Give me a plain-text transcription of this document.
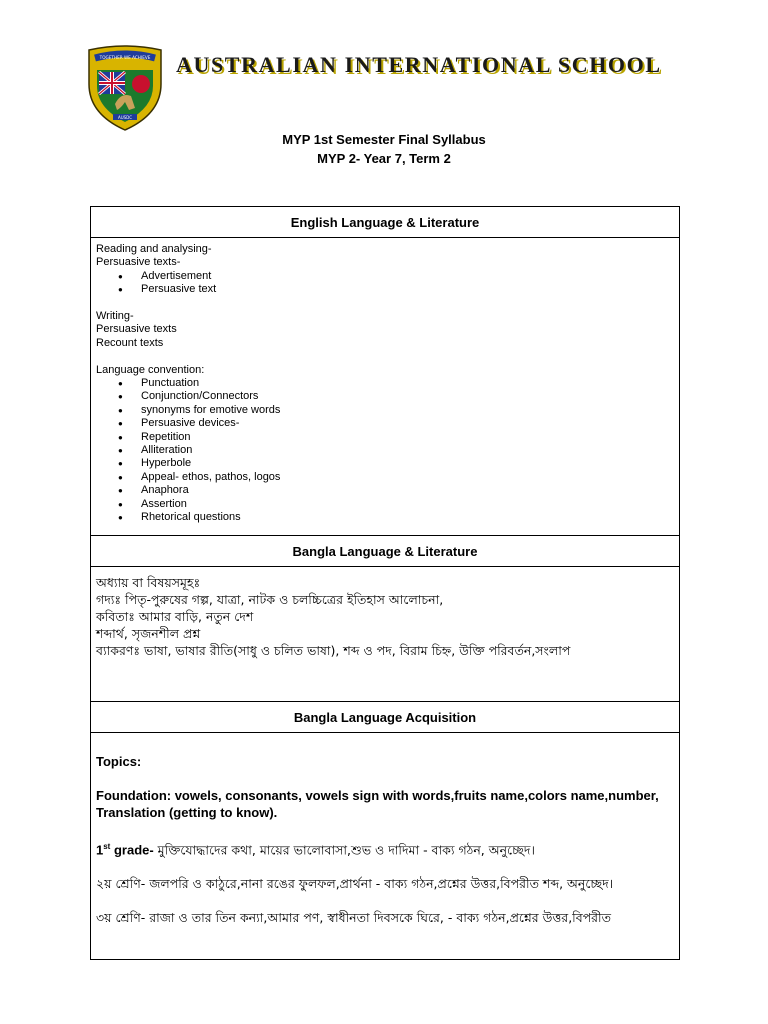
TOGETHER WE ACHIEVE
AUSDC
AUSTRALIAN INTERNATIONAL SCHOOL
MYP 1st Semester Final Syllabus
MYP 2- Year 7, Term 2
English Language & Literature

Reading and analysing-

Persuasive texts-

● Advertisement
● Persuasive text

Writing-

Persuasive texts

Recount texts

Language convention:

● Punctuation
● Conjunction/Connectors
● synonyms for emotive words
● Persuasive devices-
● Repetition
● Alliteration
● Hyperbole
● Appeal- ethos, pathos, logos
● Anaphora
● Assertion
● Rhetorical questions

Bangla Language & Literature

অধ্যায় বা বিষয়সমূহঃ

গদ্যঃ পিতৃ-পুরুষের গল্প, যাত্রা, নাটক ও চলচ্চিত্রের ইতিহাস আলোচনা,

কবিতাঃ আমার বাড়ি, নতুন দেশ

শব্দার্থ, সৃজনশীল প্রশ্ন

ব্যাকরণঃ ভাষা, ভাষার রীতি(সাধু ও চলিত ভাষা), শব্দ ও পদ, বিরাম চিহ্ন, উক্তি পরিবর্তন,সংলাপ

Bangla Language Acquisition

Topics:

Foundation: vowels, consonants, vowels sign with words,fruits name,colors name,number, Translation (getting to know).

1st grade- মুক্তিযোদ্ধাদের কথা, মায়ের ভালোবাসা,শুভ ও দাদিমা - বাক্য গঠন, অনুচ্ছেদ।

২য় শ্রেণি- জলপরি ও কাঠুরে,নানা রঙের ফুলফল,প্রার্থনা - বাক্য গঠন,প্রশ্নের উত্তর,বিপরীত শব্দ, অনুচ্ছেদ।

৩য় শ্রেণি- রাজা ও তার তিন কন্যা,আমার পণ, স্বাধীনতা দিবসকে ঘিরে, - বাক্য গঠন,প্রশ্নের উত্তর,বিপরীত
